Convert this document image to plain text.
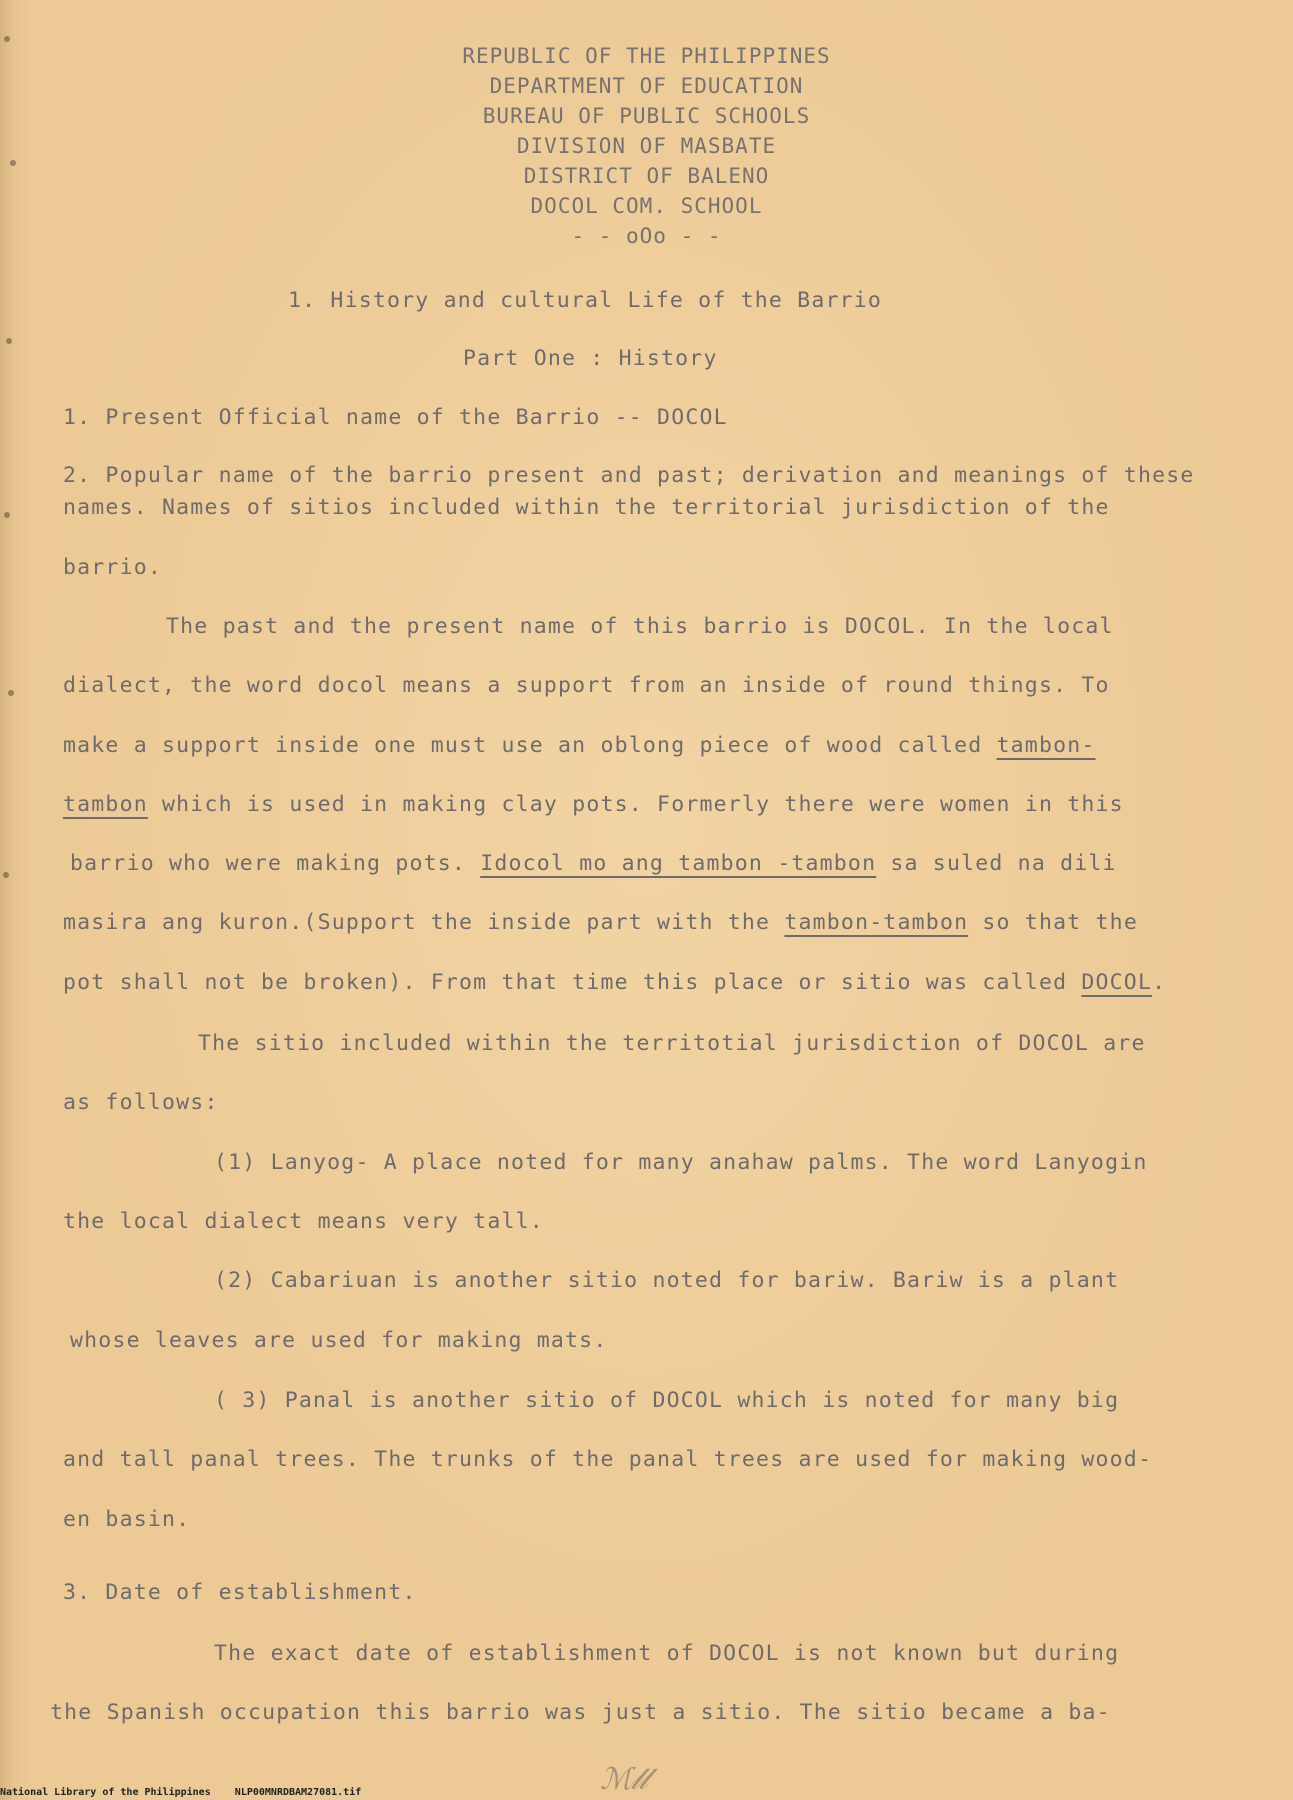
REPUBLIC OF THE PHILIPPINES
DEPARTMENT OF EDUCATION
BUREAU OF PUBLIC SCHOOLS
DIVISION OF MASBATE
DISTRICT OF BALENO
DOCOL COM. SCHOOL
- - oOo - -
1. History and cultural Life of the Barrio
Part One : History
1. Present Official name of the Barrio -- DOCOL
2. Popular name of the barrio present and past; derivation and meanings of these
names. Names of sitios included within the territorial jurisdiction of the
barrio.
The past and the present name of this barrio is DOCOL. In the local
dialect, the word docol means a support from an inside of round things. To
make a support inside one must use an oblong piece of wood called tambon-
tambon which is used in making clay pots. Formerly there were women in this
barrio who were making pots. Idocol mo ang tambon -tambon sa suled na dili
masira ang kuron.(Support the inside part with the tambon-tambon so that the
pot shall not be broken). From that time this place or sitio was called DOCOL.
The sitio included within the territotial jurisdiction of DOCOL are
as follows:
(1) Lanyog- A place noted for many anahaw palms. The word Lanyogin
the local dialect means very tall.
(2) Cabariuan is another sitio noted for bariw. Bariw is a plant
whose leaves are used for making mats.
( 3) Panal is another sitio of DOCOL which is noted for many big
and tall panal trees. The trunks of the panal trees are used for making wood-
en basin.
3. Date of establishment.
The exact date of establishment of DOCOL is not known but during
the Spanish occupation this barrio was just a sitio. The sitio became a ba-
ℳ𝓁𝓁
National Library of the Philippines    NLP00MNRDBAM27081.tif
